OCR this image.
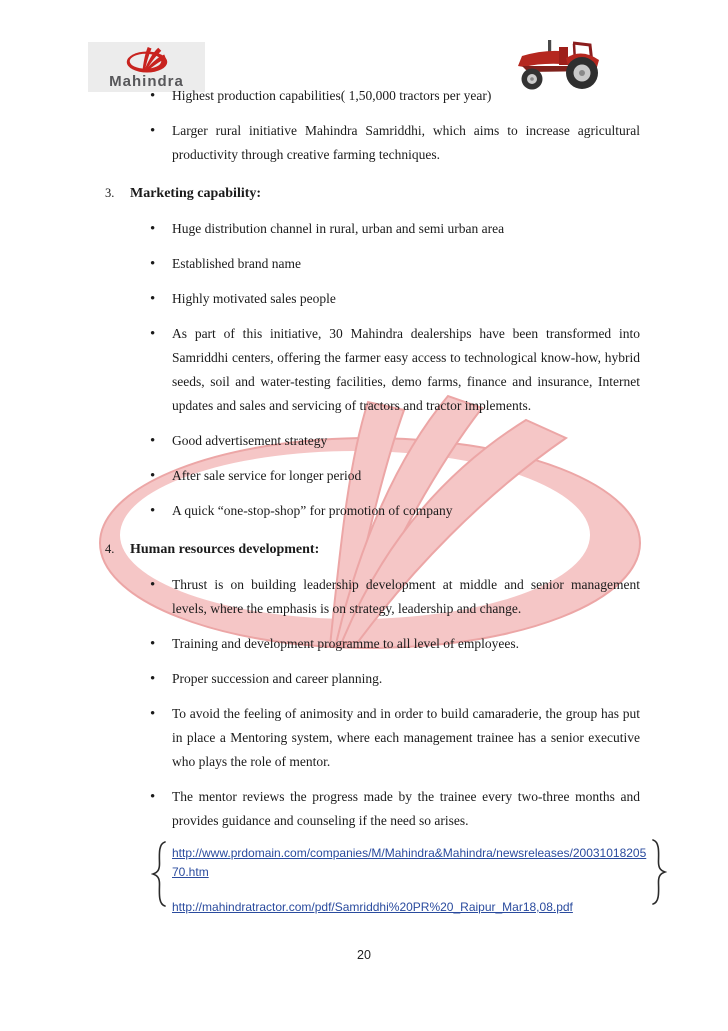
Mahindra
• Highest production capabilities( 1,50,000 tractors per year)
• Larger rural initiative Mahindra Samriddhi, which aims to increase agricultural productivity through creative farming techniques.
3. Marketing capability:
• Huge distribution channel in rural, urban and semi urban area
• Established brand name
• Highly motivated sales people
• As part of this initiative, 30 Mahindra dealerships have been transformed into Samriddhi centers, offering the farmer easy access to technological know-how, hybrid seeds, soil and water-testing facilities, demo farms, finance and insurance, Internet updates and sales and servicing of tractors and tractor implements.
• Good advertisement strategy
• After sale service for longer period
• A quick “one-stop-shop” for promotion of company
4. Human resources development:
• Thrust is on building leadership development at middle and senior management levels, where the emphasis is on strategy, leadership and change.
• Training and development programme to all level of employees.
• Proper succession and career planning.
• To avoid the feeling of animosity and in order to build camaraderie, the group has put in place a Mentoring system, where each management trainee has a senior executive who plays the role of mentor.
• The mentor reviews the progress made by the trainee every two-three months and provides guidance and counseling if the need so arises.
http://www.prdomain.com/companies/M/Mahindra&Mahindra/newsreleases/2003101820570.htm
http://mahindratractor.com/pdf/Samriddhi%20PR%20_Raipur_Mar18,08.pdf
20
